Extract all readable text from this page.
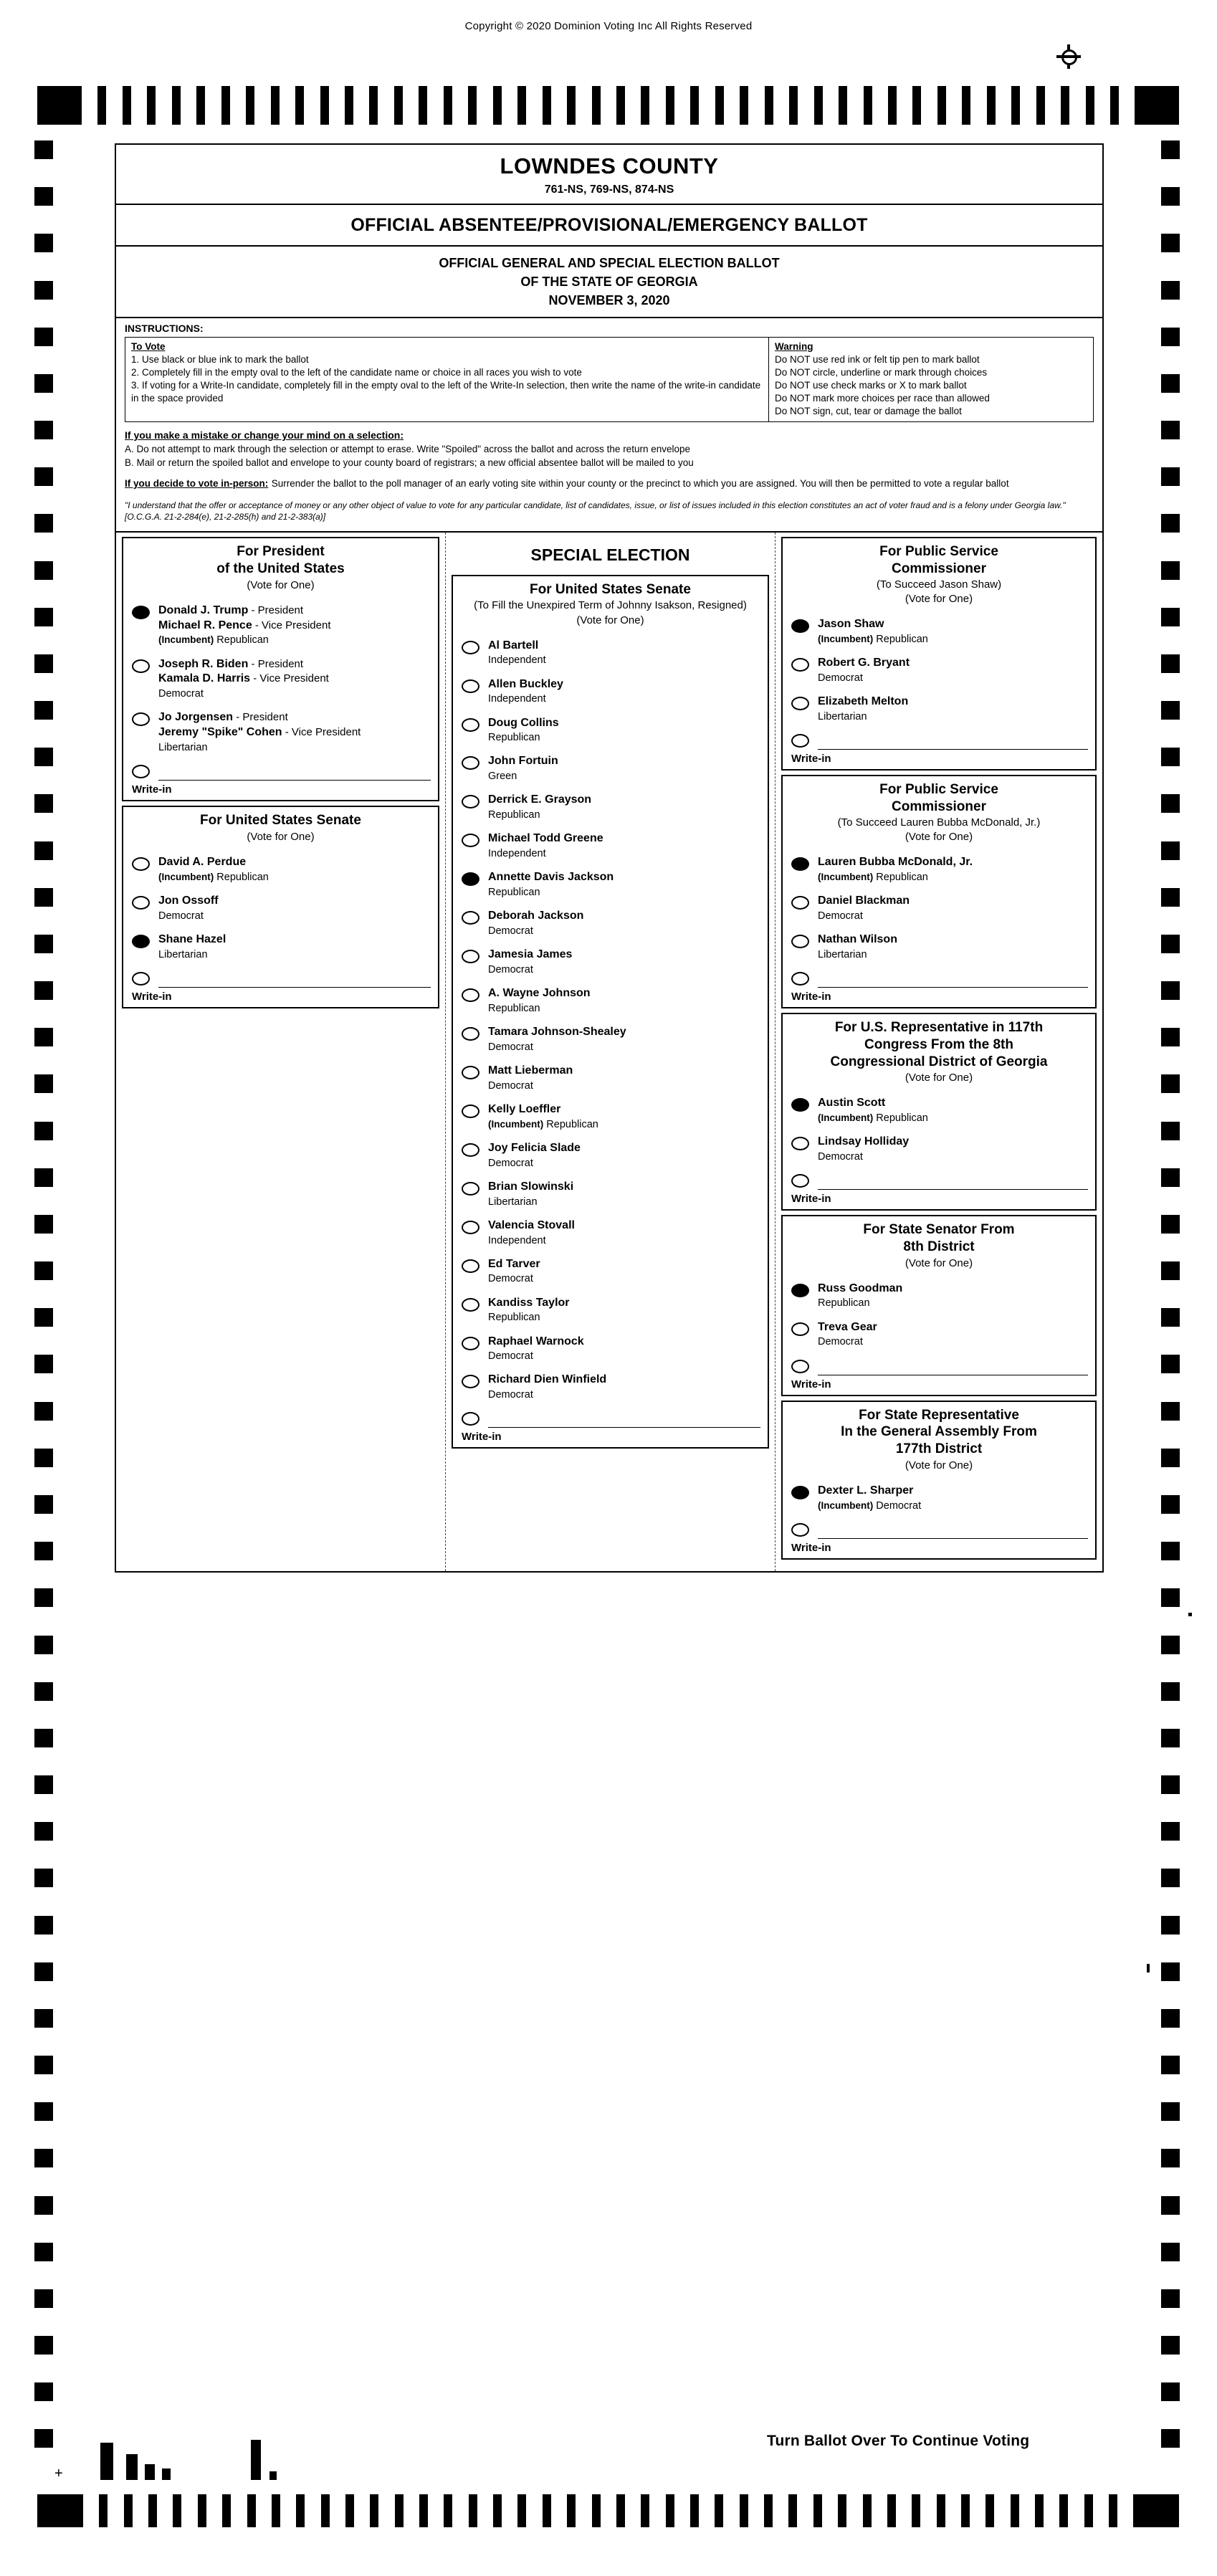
Copyright © 2020 Dominion Voting Inc All Rights Reserved
LOWNDES COUNTY
761-NS, 769-NS, 874-NS
OFFICIAL ABSENTEE/PROVISIONAL/EMERGENCY BALLOT
OFFICIAL GENERAL AND SPECIAL ELECTION BALLOT
OF THE STATE OF GEORGIA
NOVEMBER 3, 2020
INSTRUCTIONS:
To Vote
1. Use black or blue ink to mark the ballot
2. Completely fill in the empty oval to the left of the candidate name or choice in all races you wish to vote
3. If voting for a Write-In candidate, completely fill in the empty oval to the left of the Write-In selection, then write the name of the write-in candidate in the space provided
Warning
Do NOT use red ink or felt tip pen to mark ballot
Do NOT circle, underline or mark through choices
Do NOT use check marks or X to mark ballot
Do NOT mark more choices per race than allowed
Do NOT sign, cut, tear or damage the ballot
If you make a mistake or change your mind on a selection:
A. Do not attempt to mark through the selection or attempt to erase. Write "Spoiled" across the ballot and across the return envelope
B. Mail or return the spoiled ballot and envelope to your county board of registrars; a new official absentee ballot will be mailed to you
If you decide to vote in-person: Surrender the ballot to the poll manager of an early voting site within your county or the precinct to which you are assigned. You will then be permitted to vote a regular ballot
"I understand that the offer or acceptance of money or any other object of value to vote for any particular candidate, list of candidates, issue, or list of issues included in this election constitutes an act of voter fraud and is a felony under Georgia law." [O.C.G.A. 21-2-284(e), 21-2-285(h) and 21-2-383(a)]
For President
of the United States
(Vote for One)
Donald J. Trump - President
Michael R. Pence - Vice President
(Incumbent) Republican
Joseph R. Biden - President
Kamala D. Harris - Vice President
Democrat
Jo Jorgensen - President
Jeremy "Spike" Cohen - Vice President
Libertarian
Write-in
For United States Senate
(Vote for One)
David A. Perdue
(Incumbent) Republican
Jon Ossoff
Democrat
Shane Hazel
Libertarian
Write-in
SPECIAL ELECTION
For United States Senate
(To Fill the Unexpired Term of Johnny Isakson, Resigned)
(Vote for One)
Al Bartell
Independent
Allen Buckley
Independent
Doug Collins
Republican
John Fortuin
Green
Derrick E. Grayson
Republican
Michael Todd Greene
Independent
Annette Davis Jackson
Republican
Deborah Jackson
Democrat
Jamesia James
Democrat
A. Wayne Johnson
Republican
Tamara Johnson-Shealey
Democrat
Matt Lieberman
Democrat
Kelly Loeffler
(Incumbent) Republican
Joy Felicia Slade
Democrat
Brian Slowinski
Libertarian
Valencia Stovall
Independent
Ed Tarver
Democrat
Kandiss Taylor
Republican
Raphael Warnock
Democrat
Richard Dien Winfield
Democrat
Write-in
For Public Service
Commissioner
(To Succeed Jason Shaw)
(Vote for One)
Jason Shaw
(Incumbent) Republican
Robert G. Bryant
Democrat
Elizabeth Melton
Libertarian
Write-in
For Public Service
Commissioner
(To Succeed Lauren Bubba McDonald, Jr.)
(Vote for One)
Lauren Bubba McDonald, Jr.
(Incumbent) Republican
Daniel Blackman
Democrat
Nathan Wilson
Libertarian
Write-in
For U.S. Representative in 117th
Congress From the 8th
Congressional District of Georgia
(Vote for One)
Austin Scott
(Incumbent) Republican
Lindsay Holliday
Democrat
Write-in
For State Senator From
8th District
(Vote for One)
Russ Goodman
Republican
Treva Gear
Democrat
Write-in
For State Representative
In the General Assembly From
177th District
(Vote for One)
Dexter L. Sharper
(Incumbent) Democrat
Write-in
Turn Ballot Over To Continue Voting
+
